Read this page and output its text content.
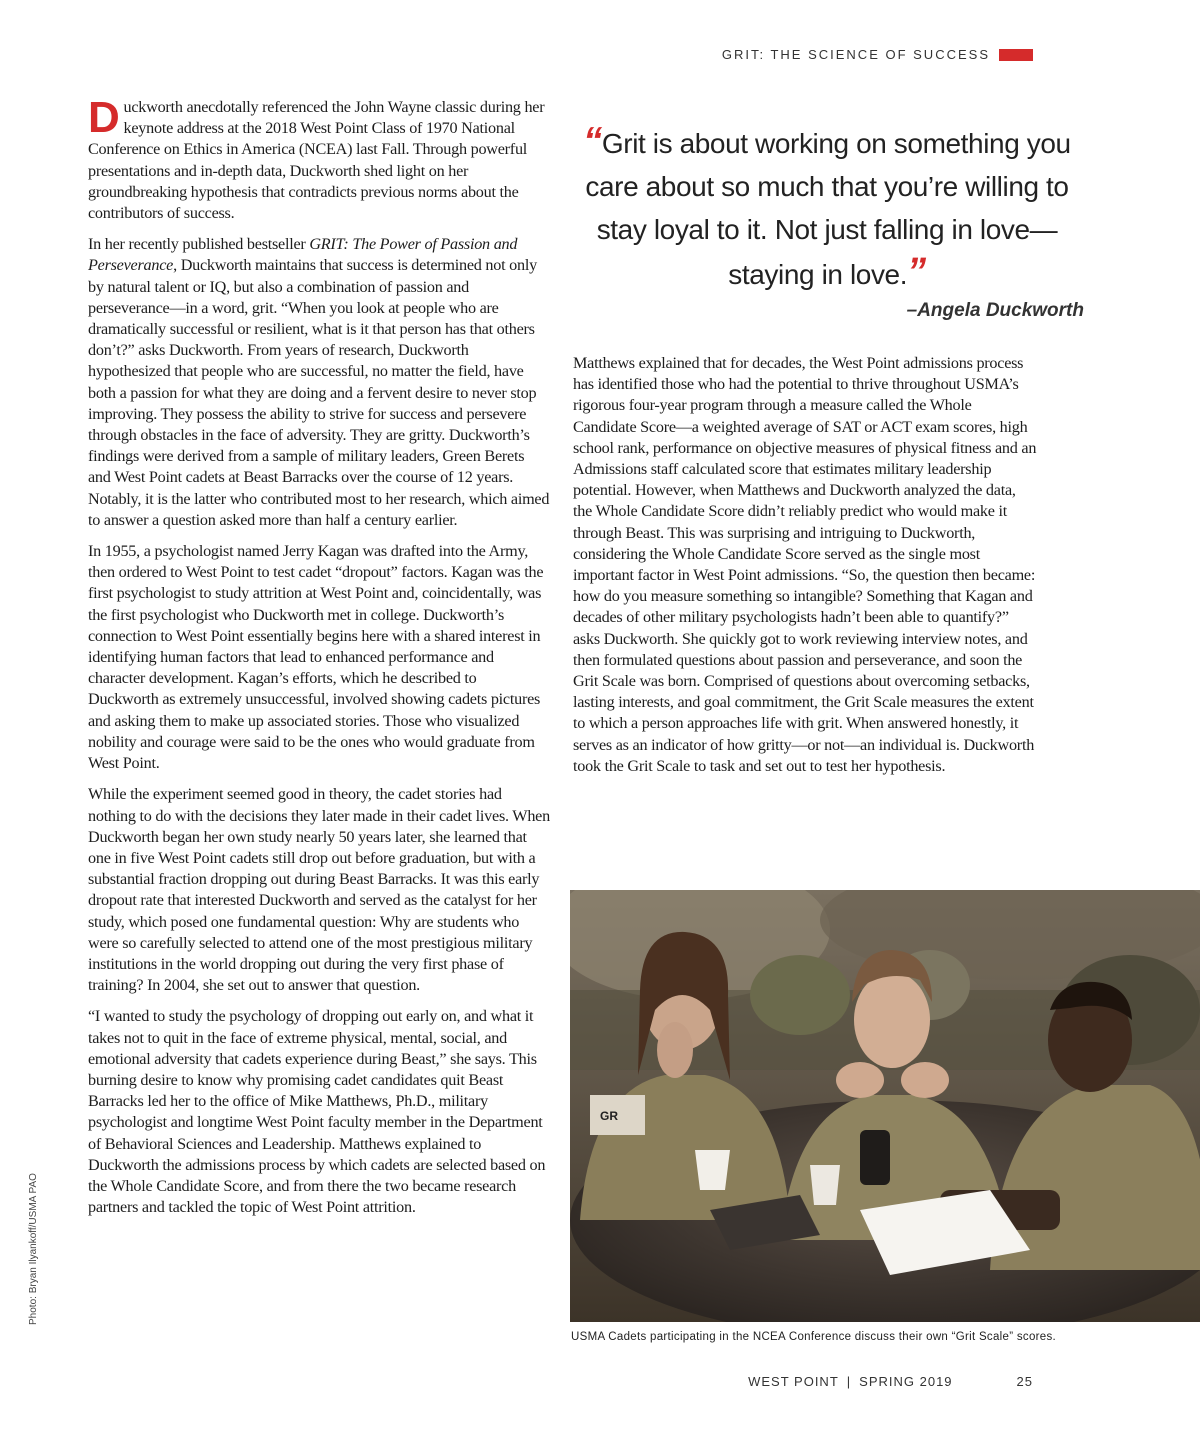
GRIT: THE SCIENCE OF SUCCESS

Duckworth anecdotally referenced the John Wayne classic during her keynote address at the 2018 West Point Class of 1970 National Conference on Ethics in America (NCEA) last Fall. Through powerful presentations and in-depth data, Duckworth shed light on her groundbreaking hypothesis that contradicts previous norms about the contributors of success.

In her recently published bestseller GRIT: The Power of Passion and Perseverance, Duckworth maintains that success is determined not only by natural talent or IQ, but also a combination of passion and perseverance—in a word, grit. “When you look at people who are dramatically successful or resilient, what is it that person has that others don’t?” asks Duckworth. From years of research, Duckworth hypothesized that people who are successful, no matter the field, have both a passion for what they are doing and a fervent desire to never stop improving. They possess the ability to strive for success and persevere through obstacles in the face of adversity. They are gritty. Duckworth’s findings were derived from a sample of military leaders, Green Berets and West Point cadets at Beast Barracks over the course of 12 years. Notably, it is the latter who contributed most to her research, which aimed to answer a question asked more than half a century earlier.

In 1955, a psychologist named Jerry Kagan was drafted into the Army, then ordered to West Point to test cadet “dropout” factors. Kagan was the first psychologist to study attrition at West Point and, coincidentally, was the first psychologist who Duckworth met in college. Duckworth’s connection to West Point essentially begins here with a shared interest in identifying human factors that lead to enhanced performance and character development. Kagan’s efforts, which he described to Duckworth as extremely unsuccessful, involved showing cadets pictures and asking them to make up associated stories. Those who visualized nobility and courage were said to be the ones who would graduate from West Point.

While the experiment seemed good in theory, the cadet stories had nothing to do with the decisions they later made in their cadet lives. When Duckworth began her own study nearly 50 years later, she learned that one in five West Point cadets still drop out before graduation, but with a substantial fraction dropping out during Beast Barracks. It was this early dropout rate that interested Duckworth and served as the catalyst for her study, which posed one fundamental question: Why are students who were so carefully selected to attend one of the most prestigious military institutions in the world dropping out during the very first phase of training? In 2004, she set out to answer that question.

“I wanted to study the psychology of dropping out early on, and what it takes not to quit in the face of extreme physical, mental, social, and emotional adversity that cadets experience during Beast,” she says. This burning desire to know why promising cadet candidates quit Beast Barracks led her to the office of Mike Matthews, Ph.D., military psychologist and longtime West Point faculty member in the Department of Behavioral Sciences and Leadership. Matthews explained to Duckworth the admissions process by which cadets are selected based on the Whole Candidate Score, and from there the two became research partners and tackled the topic of West Point attrition.

“Grit is about working on something you care about so much that you’re willing to stay loyal to it. Not just falling in love—staying in love.”
–Angela Duckworth

Matthews explained that for decades, the West Point admissions process has identified those who had the potential to thrive throughout USMA’s rigorous four-year program through a measure called the Whole Candidate Score—a weighted average of SAT or ACT exam scores, high school rank, performance on objective measures of physical fitness and an Admissions staff calculated score that estimates military leadership potential. However, when Matthews and Duckworth analyzed the data, the Whole Candidate Score didn’t reliably predict who would make it through Beast. This was surprising and intriguing to Duckworth, considering the Whole Candidate Score served as the single most important factor in West Point admissions. “So, the question then became: how do you measure something so intangible? Something that Kagan and decades of other military psychologists hadn’t been able to quantify?” asks Duckworth. She quickly got to work reviewing interview notes, and then formulated questions about passion and perseverance, and soon the Grit Scale was born. Comprised of questions about overcoming setbacks, lasting interests, and goal commitment, the Grit Scale measures the extent to which a person approaches life with grit. When answered honestly, it serves as an indicator of how gritty—or not—an individual is. Duckworth took the Grit Scale to task and set out to test her hypothesis.

GR
USMA Cadets participating in the NCEA Conference discuss their own “Grit Scale” scores.
Photo: Bryan Ilyankoff/USMA PAO
WEST POINT | SPRING 2019	25
